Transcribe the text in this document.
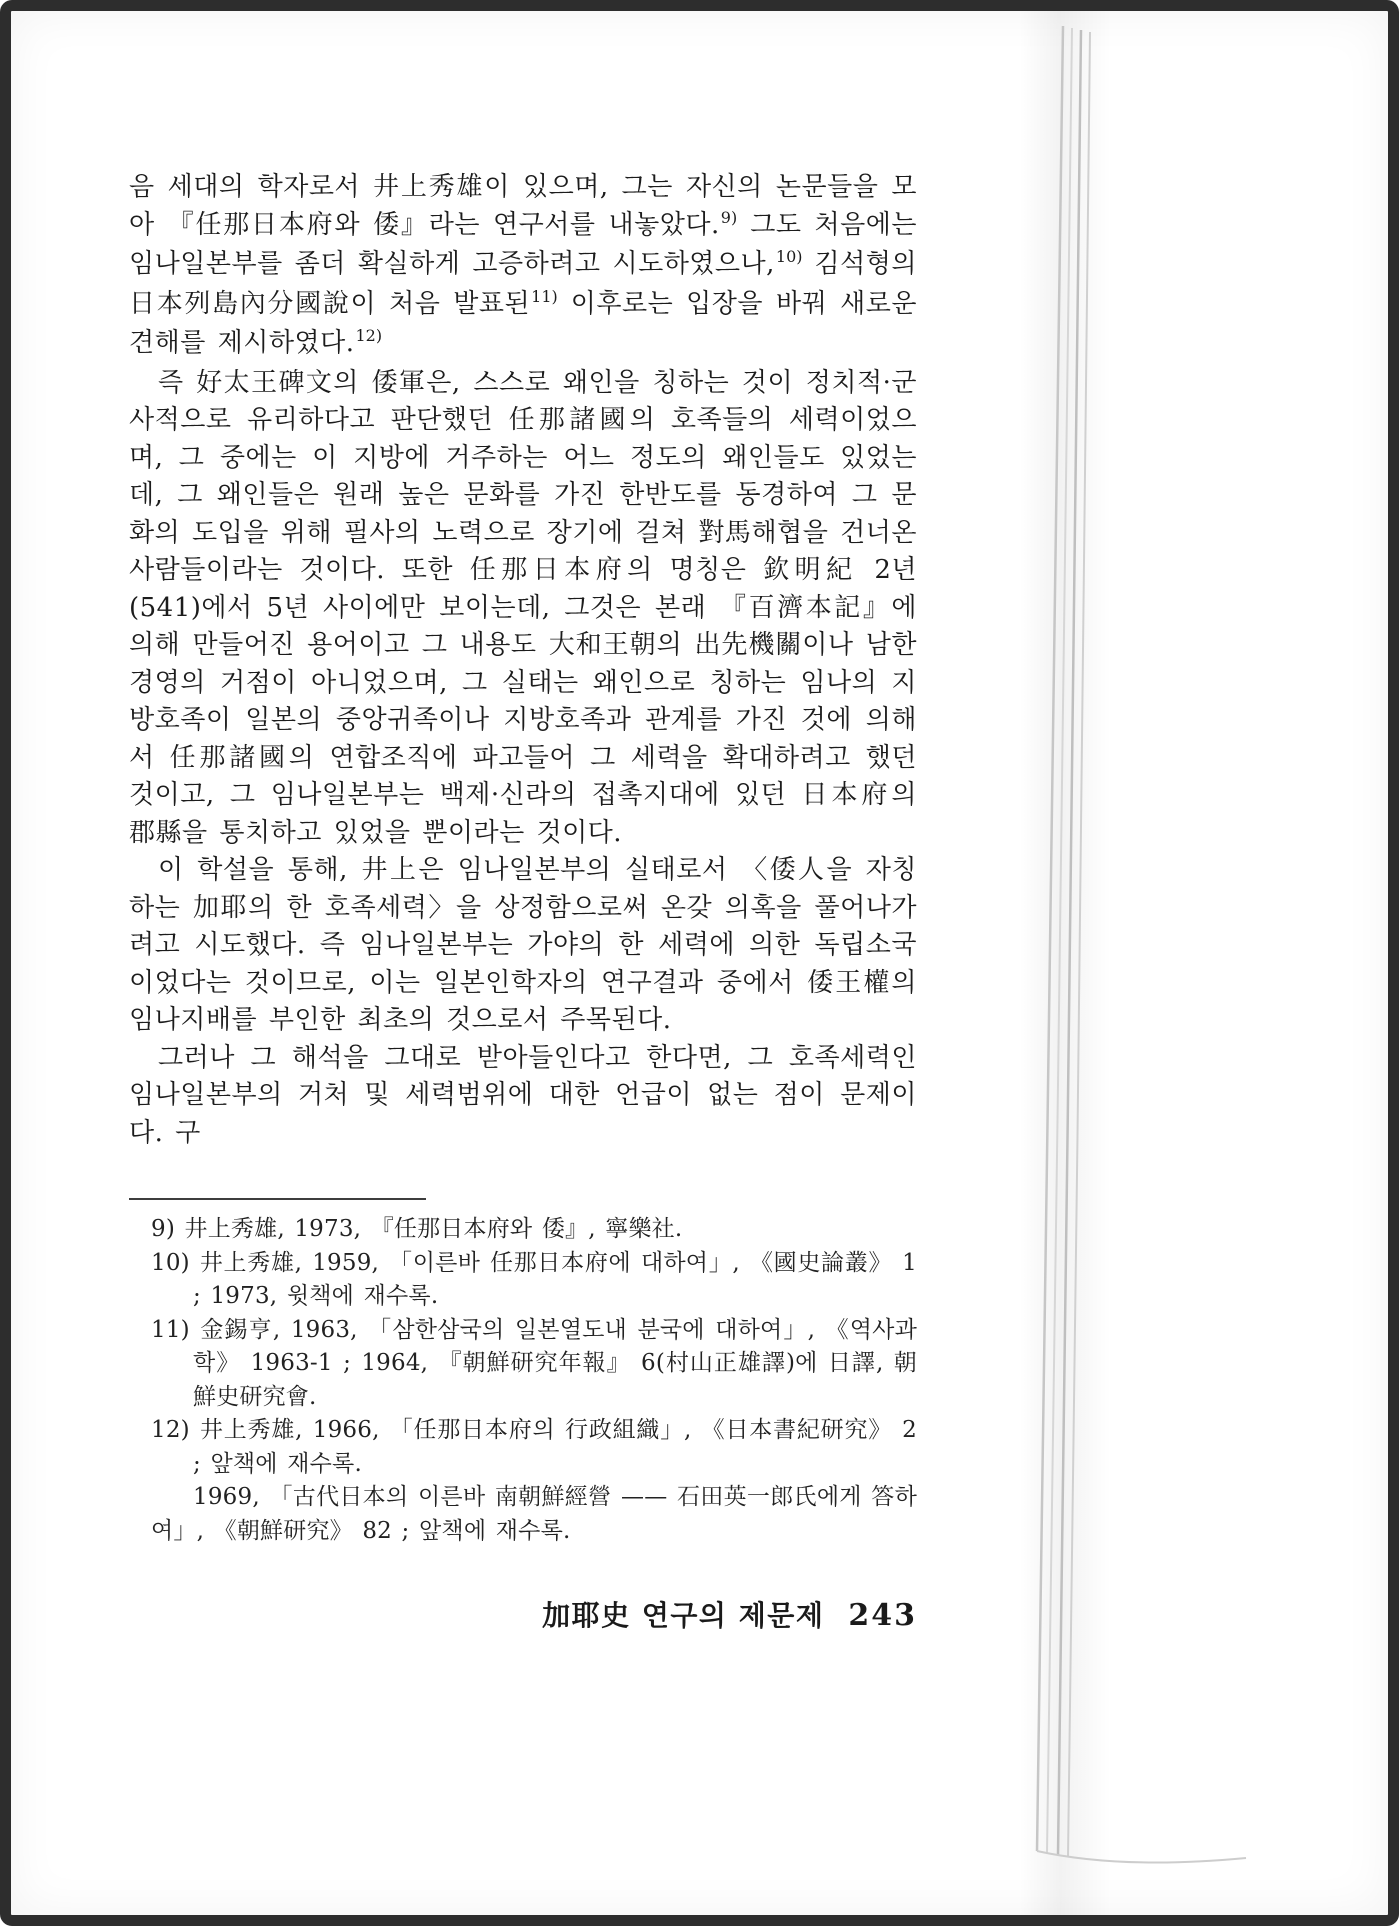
음 세대의 학자로서 井上秀雄이 있으며, 그는 자신의 논문들을 모아 『任那日本府와 倭』라는 연구서를 내놓았다.$^{9)}$ 그도 처음에는 임나일본부를 좀더 확실하게 고증하려고 시도하였으나,$^{10)}$ 김석형의 日本列島內分國說이 처음 발표된$^{11)}$ 이후로는 입장을 바꿔 새로운 견해를 제시하였다.$^{12)}$

즉 好太王碑文의 倭軍은, 스스로 왜인을 칭하는 것이 정치적·군사적으로 유리하다고 판단했던 任那諸國의 호족들의 세력이었으며, 그 중에는 이 지방에 거주하는 어느 정도의 왜인들도 있었는데, 그 왜인들은 원래 높은 문화를 가진 한반도를 동경하여 그 문화의 도입을 위해 필사의 노력으로 장기에 걸쳐 對馬해협을 건너온 사람들이라는 것이다. 또한 任那日本府의 명칭은 欽明紀 2년(541)에서 5년 사이에만 보이는데, 그것은 본래 『百濟本記』에 의해 만들어진 용어이고 그 내용도 大和王朝의 出先機關이나 남한경영의 거점이 아니었으며, 그 실태는 왜인으로 칭하는 임나의 지방호족이 일본의 중앙귀족이나 지방호족과 관계를 가진 것에 의해서 任那諸國의 연합조직에 파고들어 그 세력을 확대하려고 했던 것이고, 그 임나일본부는 백제·신라의 접촉지대에 있던 日本府의 郡縣을 통치하고 있었을 뿐이라는 것이다.

이 학설을 통해, 井上은 임나일본부의 실태로서 〈倭人을 자칭하는 加耶의 한 호족세력〉을 상정함으로써 온갖 의혹을 풀어나가려고 시도했다. 즉 임나일본부는 가야의 한 세력에 의한 독립소국이었다는 것이므로, 이는 일본인학자의 연구결과 중에서 倭王權의 임나지배를 부인한 최초의 것으로서 주목된다.

그러나 그 해석을 그대로 받아들인다고 한다면, 그 호족세력인 임나일본부의 거처 및 세력범위에 대한 언급이 없는 점이 문제이다. 구

9) 井上秀雄, 1973, 『任那日本府와 倭』, 寧樂社.
10) 井上秀雄, 1959, 「이른바 任那日本府에 대하여」, 《國史論叢》 1 ; 1973, 윗책에 재수록.
11) 金錫亨, 1963, 「삼한삼국의 일본열도내 분국에 대하여」, 《역사과학》 1963-1 ; 1964, 『朝鮮研究年報』 6(村山正雄譯)에 日譯, 朝鮮史研究會.
12) 井上秀雄, 1966, 「任那日本府의 行政組織」, 《日本書紀研究》 2 ; 앞책에 재수록.
1969, 「古代日本의 이른바 南朝鮮經營 —— 石田英一郎氏에게 答하여」, 《朝鮮研究》 82 ; 앞책에 재수록.
加耶史 연구의 제문제 243
